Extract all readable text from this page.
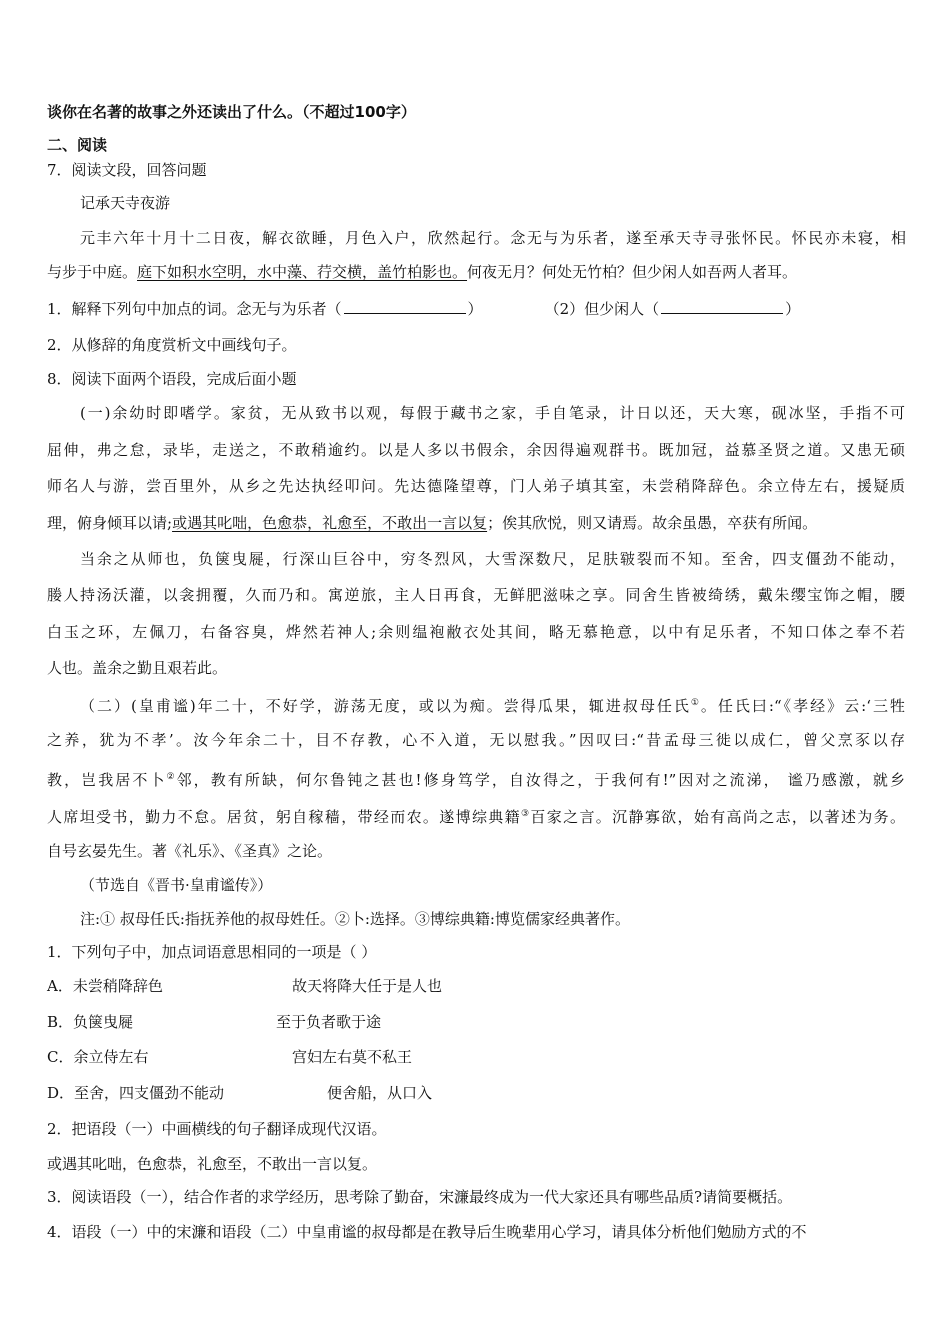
谈你在名著的故事之外还读出了什么。（不超过100字）
二、阅读
7．阅读文段，回答问题
记承天寺夜游
元丰六年十月十二日夜，解衣欲睡，月色入户，欣然起行。念无与为乐者，遂至承天寺寻张怀民。怀民亦未寝，相
与步于中庭。庭下如积水空明，水中藻、荇交横，盖竹柏影也。何夜无月？何处无竹柏？但少闲人如吾两人者耳。
1．解释下列句中加点的词。念无与为乐者（	）	（2）但少闲人（	）
2．从修辞的角度赏析文中画线句子。
8．阅读下面两个语段，完成后面小题
(一)余幼时即嗜学。家贫，无从致书以观，每假于藏书之家，手自笔录，计日以还，天大寒，砚冰坚，手指不可
屈伸，弗之怠，录毕，走送之，不敢稍逾约。以是人多以书假余，余因得遍观群书。既加冠，益慕圣贤之道。又患无硕
师名人与游，尝百里外，从乡之先达执经叩问。先达德隆望尊，门人弟子填其室，未尝稍降辞色。余立侍左右，援疑质
理，俯身倾耳以请;或遇其叱咄，色愈恭，礼愈至，不敢出一言以复；俟其欣悦，则又请焉。故余虽愚，卒获有所闻。
当余之从师也，负箧曳屣，行深山巨谷中，穷冬烈风，大雪深数尺，足肤皲裂而不知。至舍，四支僵劲不能动，
媵人持汤沃灌，以衾拥覆，久而乃和。寓逆旅，主人日再食，无鲜肥滋味之享。同舍生皆被绮绣，戴朱缨宝饰之帽，腰
白玉之环，左佩刀，右备容臭，烨然若神人;余则缊袍敝衣处其间，略无慕艳意，以中有足乐者，不知口体之奉不若
人也。盖余之勤且艰若此。
（二）(皇甫谧)年二十，不好学，游荡无度，或以为痴。尝得瓜果，辄进叔母任氏①。任氏曰:“《孝经》云:‘三牲
之养，犹为不孝’。汝今年余二十，目不存教，心不入道，无以慰我。”因叹曰:“昔孟母三徙以成仁，曾父烹豕以存
教，岂我居不卜②邻，教有所缺，何尔鲁钝之甚也!修身笃学，自汝得之，于我何有!”因对之流涕， 谧乃感激，就乡
人席坦受书，勤力不怠。居贫，躬自稼穑，带经而农。遂博综典籍③百家之言。沉静寡欲，始有高尚之志，以著述为务。
自号玄晏先生。著《礼乐》、《圣真》之论。
（节选自《晋书·皇甫谧传》）
注:① 叔母任氏:指抚养他的叔母姓任。②卜:选择。③博综典籍:博览儒家经典著作。
1．下列句子中，加点词语意思相同的一项是（ ）
A．未尝稍降辞色	故天将降大任于是人也
B．负箧曳屣	至于负者歌于途
C．余立侍左右	宫妇左右莫不私王
D．至舍，四支僵劲不能动	便舍船，从口入
2．把语段（一）中画横线的句子翻译成现代汉语。
或遇其叱咄，色愈恭，礼愈至，不敢出一言以复。
3．阅读语段（一），结合作者的求学经历，思考除了勤奋，宋濂最终成为一代大家还具有哪些品质?请简要概括。
4．语段（一）中的宋濂和语段（二）中皇甫谧的叔母都是在教导后生晚辈用心学习，请具体分析他们勉励方式的不
